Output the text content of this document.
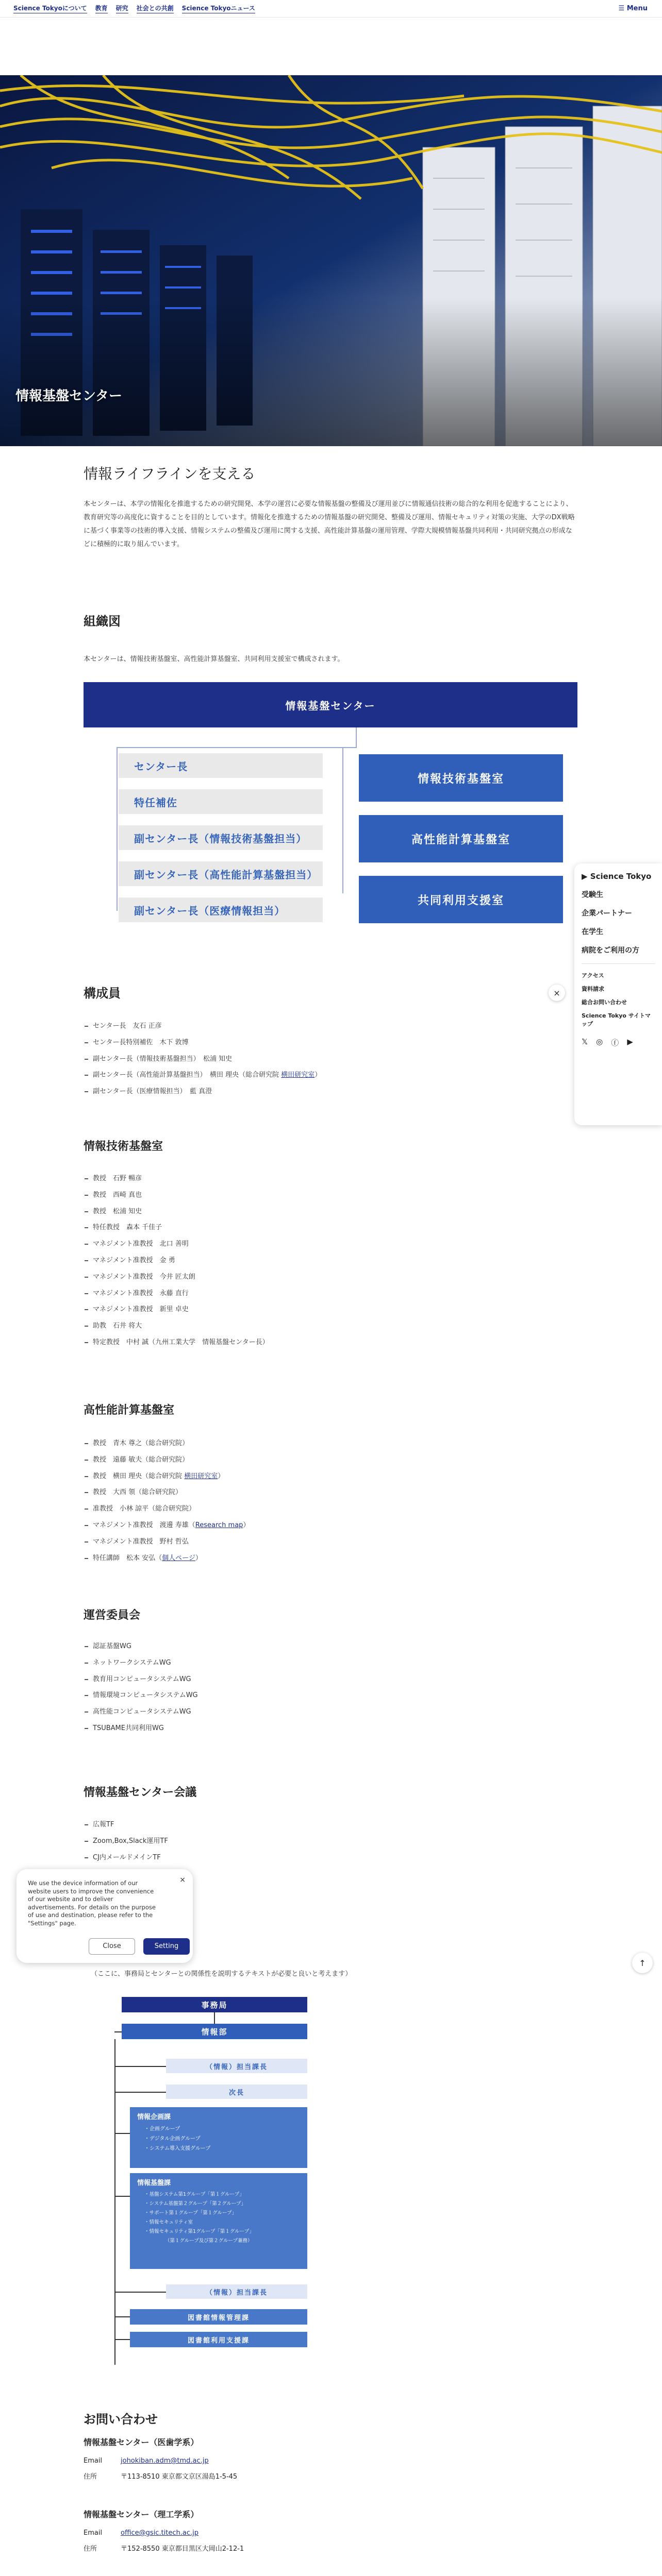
Science Tokyoについて 教育 研究 社会との共創 Science Tokyoニュース	☰ Menu
情報基盤センター
情報ライフラインを支える

本センターは、本学の情報化を推進するための研究開発、本学の運営に必要な情報基盤の整備及び運用並びに情報通信技術の総合的な利用を促進することにより、教育研究等の高度化に資することを目的としています。情報化を推進するための情報基盤の研究開発、整備及び運用、情報セキュリティ対策の実施、大学のDX戦略に基づく事業等の技術的導入支援、情報システムの整備及び運用に関する支援、高性能計算基盤の運用管理、学際大規模情報基盤共同利用・共同研究拠点の形成などに積極的に取り組んでいます。

組織図

本センターは、情報技術基盤室、高性能計算基盤室、共同利用支援室で構成されます。

情報基盤センター
センター長
特任補佐
副センター長（情報技術基盤担当）
副センター長（高性能計算基盤担当）
副センター長（医療情報担当）
情報技術基盤室
高性能計算基盤室
共同利用支援室
構成員
センター長　友石 正彦
センター長特別補佐　木下 敦博
副センター長（情報技術基盤担当）　松浦 知史
副センター長（高性能計算基盤担当）　横田 理央（総合研究院 横田研究室）
副センター長（医療情報担当）　藍 真澄
情報技術基盤室
教授　石野 暢彦
教授　西崎 真也
教授　松浦 知史
特任教授　森本 千佳子
マネジメント准教授　北口 善明
マネジメント准教授　金 勇
マネジメント准教授　今井 匠太朗
マネジメント准教授　永藤 直行
マネジメント准教授　新里 卓史
助教　石井 将大
特定教授　中村 誠（九州工業大学　情報基盤センター長）
高性能計算基盤室
教授　青木 尊之（総合研究院）
教授　遠藤 敏夫（総合研究院）
教授　横田 理央（総合研究院 横田研究室）
教授　大西 領（総合研究院）
准教授　小林 諒平（総合研究院）
マネジメント准教授　渡邊 寿雄（Research map）
マネジメント准教授　野村 哲弘
特任講師　松本 安弘（個人ページ）
運営委員会
認証基盤WG
ネットワークシステムWG
教育用コンピュータシステムWG
情報環境コンピュータシステムWG
高性能コンピュータシステムWG
TSUBAME共同利用WG
情報基盤センター会議
広報TF
Zoom,Box,Slack運用TF
CJ内メールドメインTF

（ここに、事務局とセンターとの関係性を説明するテキストが必要と良いと考えます）

事務局
情報部
（情報）担当課長
次長
情報企画課
・企画グループ
・デジタル企画グループ
・システム導入支援グループ
情報基盤課
・基盤システム第1グループ「第１グループ」
・システム基盤第２グループ「第２グループ」
・サポート第１グループ「第１グループ」
・情報セキュリティ室
・情報セキュリティ第1グループ「第１グループ」
（第１グループ及び第２グループ兼務）
（情報）担当課長
図書館情報管理課
図書館利用支援課
お問い合わせ
情報基盤センター（医歯学系）
Email	johokiban.adm@tmd.ac.jp
住所	〒113-8510 東京都文京区湯島1-5-45
情報基盤センター（理工学系）
Email	office@gsic.titech.ac.jp
住所	〒152-8550 東京都目黒区大岡山2-12-1
▶ Science Tokyo
受験生
企業パートナー
在学生
病院をご利用の方
アクセス
資料請求
総合お問い合わせ
Science Tokyo サイトマップ
𝕏 ◎ ⓕ ▶
×
×

We use the device information of our website users to improve the convenience of our website and to deliver advertisements. For details on the purpose of use and destination, please refer to the "Settings" page.

Close	Setting
↑
